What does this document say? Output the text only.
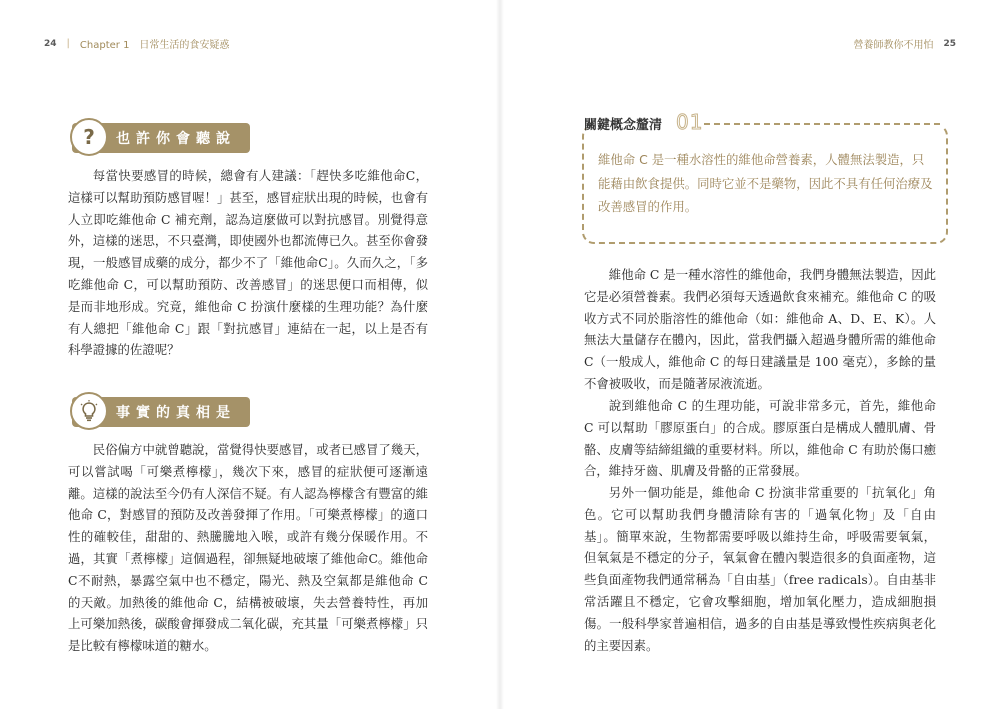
24 | Chapter 1　日常生活的食安疑惑
?	也許你會聽說

每當快要感冒的時候，總會有人建議：「趕快多吃維他命C，這樣可以幫助預防感冒喔！」甚至，感冒症狀出現的時候，也會有人立即吃維他命 C 補充劑，認為這麼做可以對抗感冒。別覺得意外，這樣的迷思，不只臺灣，即使國外也都流傳已久。甚至你會發現，一般感冒成藥的成分，都少不了「維他命C」。久而久之，「多吃維他命 C，可以幫助預防、改善感冒」的迷思便口而相傳，似是而非地形成。究竟，維他命 C 扮演什麼樣的生理功能？為什麼有人總把「維他命 C」跟「對抗感冒」連結在一起，以上是否有科學證據的佐證呢？

事實的真相是

民俗偏方中就曾聽說，當覺得快要感冒，或者已感冒了幾天，可以嘗試喝「可樂煮檸檬」，幾次下來，感冒的症狀便可逐漸遠離。這樣的說法至今仍有人深信不疑。有人認為檸檬含有豐富的維他命 C，對感冒的預防及改善發揮了作用。「可樂煮檸檬」的適口性的確較佳，甜甜的、熱騰騰地入喉，或許有幾分保暖作用。不過，其實「煮檸檬」這個過程，卻無疑地破壞了維他命C。維他命C不耐熱，暴露空氣中也不穩定，陽光、熱及空氣都是維他命 C 的天敵。加熱後的維他命 C，結構被破壞，失去營養特性，再加上可樂加熱後，碳酸會揮發成二氧化碳，充其量「可樂煮檸檬」只是比較有檸檬味道的糖水。

營養師教你不用怕 25
關鍵概念釐清 01

維他命 C 是一種水溶性的維他命營養素，人體無法製造，只能藉由飲食提供。同時它並不是藥物，因此不具有任何治療及改善感冒的作用。

維他命 C 是一種水溶性的維他命，我們身體無法製造，因此它是必須營養素。我們必須每天透過飲食來補充。維他命 C 的吸收方式不同於脂溶性的維他命（如：維他命 A、D、E、K）。人無法大量儲存在體內，因此，當我們攝入超過身體所需的維他命 C（一般成人，維他命 C 的每日建議量是 100 毫克），多餘的量不會被吸收，而是隨著尿液流逝。

說到維他命 C 的生理功能，可說非常多元，首先，維他命 C 可以幫助「膠原蛋白」的合成。膠原蛋白是構成人體肌膚、骨骼、皮膚等結締組織的重要材料。所以，維他命 C 有助於傷口癒合，維持牙齒、肌膚及骨骼的正常發展。

另外一個功能是，維他命 C 扮演非常重要的「抗氧化」角色。它可以幫助我們身體清除有害的「過氧化物」及「自由基」。簡單來說，生物都需要呼吸以維持生命，呼吸需要氧氣，但氧氣是不穩定的分子，氧氣會在體內製造很多的負面產物，這些負面產物我們通常稱為「自由基」（free radicals）。自由基非常活躍且不穩定，它會攻擊細胞，增加氧化壓力，造成細胞損傷。一般科學家普遍相信，過多的自由基是導致慢性疾病與老化的主要因素。
